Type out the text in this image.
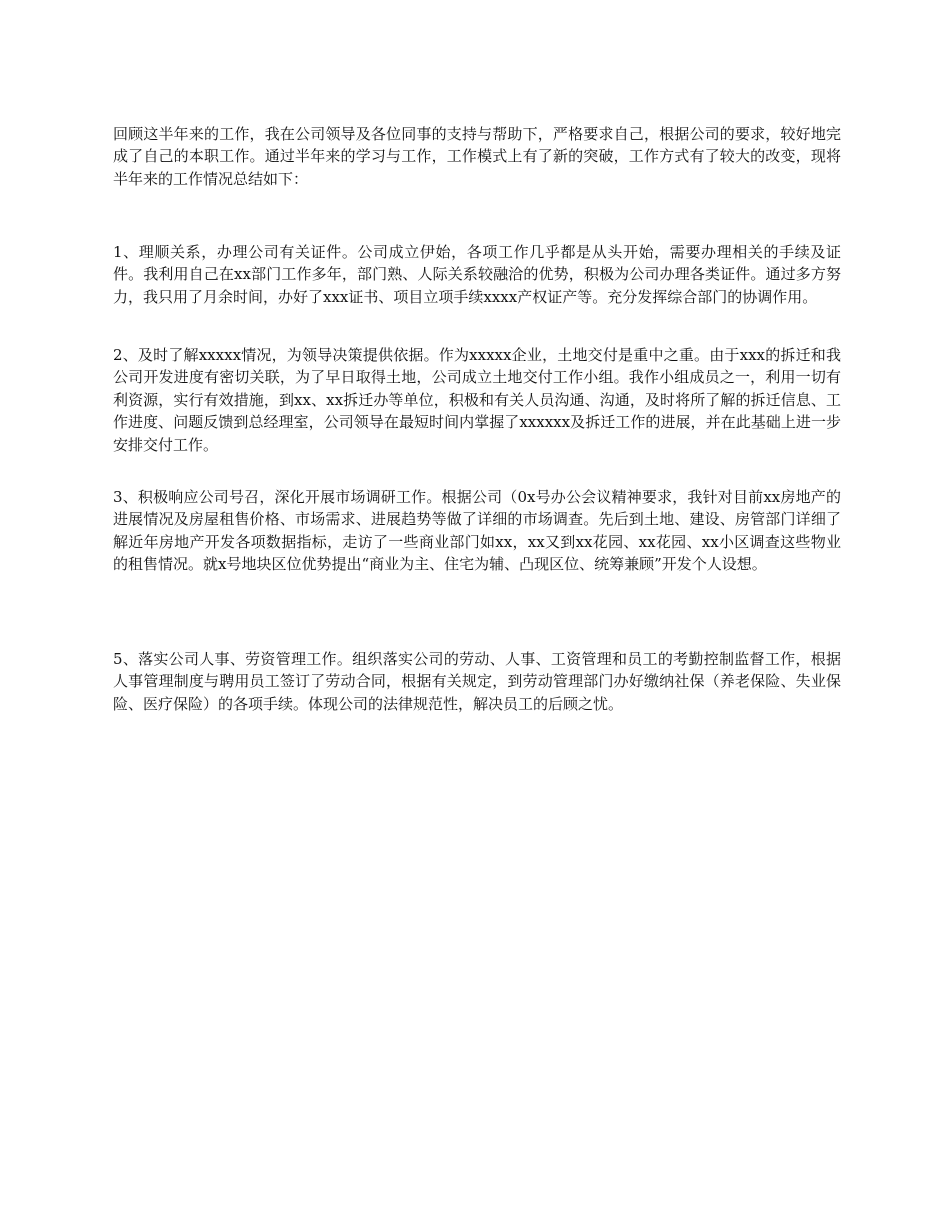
回顾这半年来的工作，我在公司领导及各位同事的支持与帮助下，严格要求自己，根据公司的要求，较好地完成了自己的本职工作。通过半年来的学习与工作，工作模式上有了新的突破，工作方式有了较大的改变，现将半年来的工作情况总结如下：

1、理顺关系，办理公司有关证件。公司成立伊始，各项工作几乎都是从头开始，需要办理相关的手续及证件。我利用自己在xx部门工作多年，部门熟、人际关系较融洽的优势，积极为公司办理各类证件。通过多方努力，我只用了月余时间，办好了xxx证书、项目立项手续xxxx产权证产等。充分发挥综合部门的协调作用。

2、及时了解xxxxx情况，为领导决策提供依据。作为xxxxx企业，土地交付是重中之重。由于xxx的拆迁和我公司开发进度有密切关联，为了早日取得土地，公司成立土地交付工作小组。我作小组成员之一，利用一切有利资源，实行有效措施，到xx、xx拆迁办等单位，积极和有关人员沟通、沟通，及时将所了解的拆迁信息、工作进度、问题反馈到总经理室，公司领导在最短时间内掌握了xxxxxx及拆迁工作的进展，并在此基础上进一步安排交付工作。

3、积极响应公司号召，深化开展市场调研工作。根据公司（0x号办公会议精神要求，我针对目前xx房地产的进展情况及房屋租售价格、市场需求、进展趋势等做了详细的市场调查。先后到土地、建设、房管部门详细了解近年房地产开发各项数据指标，走访了一些商业部门如xx，xx又到xx花园、xx花园、xx小区调查这些物业的租售情况。就x号地块区位优势提出“商业为主、住宅为辅、凸现区位、统筹兼顾”开发个人设想。

5、落实公司人事、劳资管理工作。组织落实公司的劳动、人事、工资管理和员工的考勤控制监督工作，根据人事管理制度与聘用员工签订了劳动合同，根据有关规定，到劳动管理部门办好缴纳社保（养老保险、失业保险、医疗保险）的各项手续。体现公司的法律规范性，解决员工的后顾之忧。
